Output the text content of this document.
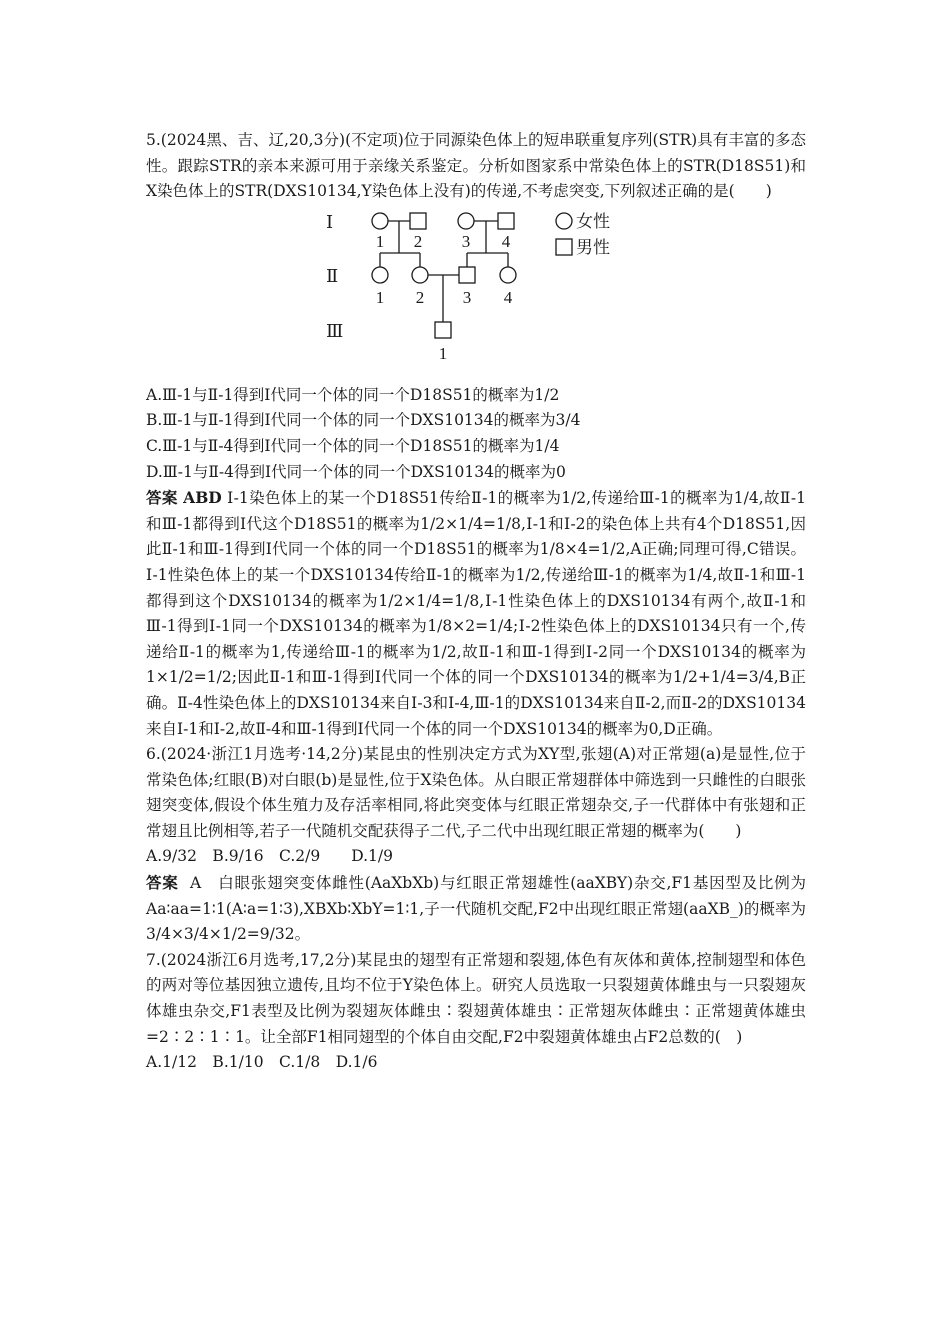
5.(2024黑、吉、辽,20,3分)(不定项)位于同源染色体上的短串联重复序列(STR)具有丰富的多态性。跟踪STR的亲本来源可用于亲缘关系鉴定。分析如图家系中常染色体上的STR(D18S51)和X染色体上的STR(DXS10134,Y染色体上没有)的传递,不考虑突变,下列叙述正确的是(　　)

Ⅰ
Ⅱ
Ⅲ
1 2 3 4
1 2 3 4
1
女性
男性

A.Ⅲ-1与Ⅱ-1得到Ⅰ代同一个体的同一个D18S51的概率为1/2

B.Ⅲ-1与Ⅱ-1得到Ⅰ代同一个体的同一个DXS10134的概率为3/4

C.Ⅲ-1与Ⅱ-4得到Ⅰ代同一个体的同一个D18S51的概率为1/4

D.Ⅲ-1与Ⅱ-4得到Ⅰ代同一个体的同一个DXS10134的概率为0

答案 ABD Ⅰ-1染色体上的某一个D18S51传给Ⅱ-1的概率为1/2,传递给Ⅲ-1的概率为1/4,故Ⅱ-1和Ⅲ-1都得到Ⅰ代这个D18S51的概率为1/2×1/4=1/8,Ⅰ-1和Ⅰ-2的染色体上共有4个D18S51,因此Ⅱ-1和Ⅲ-1得到Ⅰ代同一个体的同一个D18S51的概率为1/8×4=1/2,A正确;同理可得,C错误。Ⅰ-1性染色体上的某一个DXS10134传给Ⅱ-1的概率为1/2,传递给Ⅲ-1的概率为1/4,故Ⅱ-1和Ⅲ-1都得到这个DXS10134的概率为1/2×1/4=1/8,Ⅰ-1性染色体上的DXS10134有两个,故Ⅱ-1和Ⅲ-1得到Ⅰ-1同一个DXS10134的概率为1/8×2=1/4;Ⅰ-2性染色体上的DXS10134只有一个,传递给Ⅱ-1的概率为1,传递给Ⅲ-1的概率为1/2,故Ⅱ-1和Ⅲ-1得到Ⅰ-2同一个DXS10134的概率为1×1/2=1/2;因此Ⅱ-1和Ⅲ-1得到Ⅰ代同一个体的同一个DXS10134的概率为1/2+1/4=3/4,B正确。Ⅱ-4性染色体上的DXS10134来自Ⅰ-3和Ⅰ-4,Ⅲ-1的DXS10134来自Ⅱ-2,而Ⅱ-2的DXS10134来自Ⅰ-1和Ⅰ-2,故Ⅱ-4和Ⅲ-1得到Ⅰ代同一个体的同一个DXS10134的概率为0,D正确。

6.(2024·浙江1月选考·14,2分)某昆虫的性别决定方式为XY型,张翅(A)对正常翅(a)是显性,位于常染色体;红眼(B)对白眼(b)是显性,位于X染色体。从白眼正常翅群体中筛选到一只雌性的白眼张翅突变体,假设个体生殖力及存活率相同,将此突变体与红眼正常翅杂交,子一代群体中有张翅和正常翅且比例相等,若子一代随机交配获得子二代,子二代中出现红眼正常翅的概率为(　　)

A.9/32　B.9/16　C.2/9　　D.1/9

答案 A 白眼张翅突变体雌性(AaXbXb)与红眼正常翅雄性(aaXBY)杂交,F1基因型及比例为Aa∶aa=1∶1(A∶a=1∶3),XBXb∶XbY=1∶1,子一代随机交配,F2中出现红眼正常翅(aaXB_)的概率为3/4×3/4×1/2=9/32。

7.(2024浙江6月选考,17,2分)某昆虫的翅型有正常翅和裂翅,体色有灰体和黄体,控制翅型和体色的两对等位基因独立遗传,且均不位于Y染色体上。研究人员选取一只裂翅黄体雌虫与一只裂翅灰体雄虫杂交,F1表型及比例为裂翅灰体雌虫∶裂翅黄体雄虫∶正常翅灰体雌虫∶正常翅黄体雄虫=2∶2∶1∶1。让全部F1相同翅型的个体自由交配,F2中裂翅黄体雄虫占F2总数的(　)

A.1/12　B.1/10　C.1/8　D.1/6
